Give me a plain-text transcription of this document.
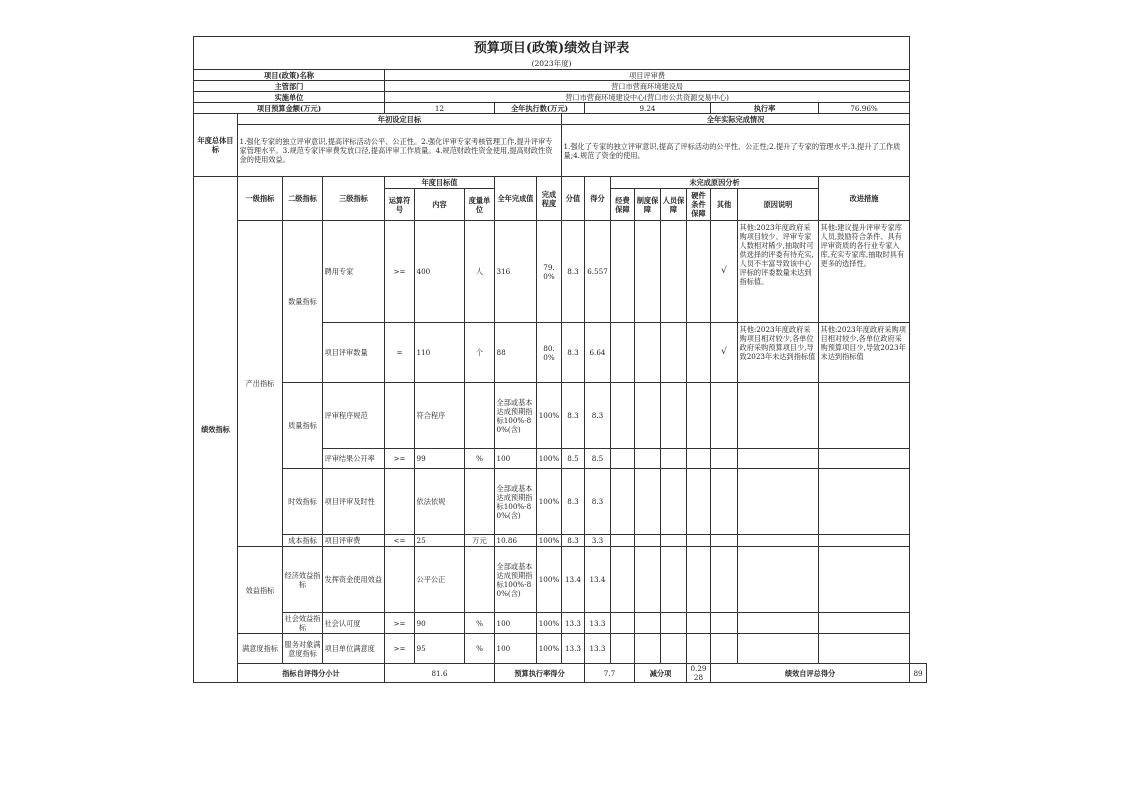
预算项目(政策)绩效自评表																		
(2023年度)																		
项目(政策)名称				项目评审费														
主管部门				营口市营商环境建设局														
实施单位				营口市营商环境建设中心(营口市公共资源交易中心)														
项目预算金额(万元)				12			全年执行数(万元)			9.24					执行率		76.96%	
年度总体目标	年初设定目标								全年实际完成情况									
	1.强化专家的独立评审意识,提高评标活动公平、公正性。2.强化评审专家考核管理工作,提升评审专家管理水平。3.规范专家评审费发放口径,提高评审工作质量。4.规范财政性资金使用,提高财政性资金的使用效益。								1.强化了专家的独立评审意识,提高了评标活动的公平性、公正性;2.提升了专家的管理水平;3.提升了工作质量;4.规范了资金的使用。									
绩效指标	一级指标	二级指标	三级指标	年度目标值			全年完成值	完成程度	分值	得分	未完成原因分析						改进措施	
				运算符号	内容	度量单位					经费保障	制度保障	人员保障	硬件条件保障	其他	原因说明		
	产出指标	数量指标	聘用专家	>=	400	人	316	79.0%	8.3	6.557					√	其他:2023年度政府采购项目较少、评审专家人数相对稀少,抽取时可供选择的评委有待充实,人员不丰富导致该中心评标的评委数量未达到指标值。	其他:建议提升评审专家库人员,鼓励符合条件、具有评审资质的各行业专家入库,充实专家库,抽取时具有更多的选择性。	
			项目评审数量	=	110	个	88	80.0%	8.3	6.64					√	其他:2023年度政府采购项目相对较少,各单位政府采购预算项目少,导致2023年未达到指标值	其他:2023年度政府采购项目相对较少,各单位政府采购预算项目少,导致2023年未达到指标值	
		质量指标	评审程序规范		符合程序		全部或基本达成预期指标100%-80%(含)	100%	8.3	8.3								
			评审结果公开率	>=	99	%	100	100%	8.5	8.5								
		时效指标	项目评审及时性		依法依规		全部或基本达成预期指标100%-80%(含)	100%	8.3	8.3								
		成本指标	项目评审费	<=	25	万元	10.86	100%	8.3	3.3								
	效益指标	经济效益指标	发挥资金使用效益		公平公正		全部或基本达成预期指标100%-80%(含)	100%	13.4	13.4								
		社会效益指标	社会认可度	>=	90	%	100	100%	13.3	13.3								
	满意度指标	服务对象满意度指标	项目单位满意度	>=	95	%	100	100%	13.3	13.3								
	指标自评得分小计			81.6			预算执行率得分			7.7		减分项		0.2928	绩效自评总得分			89
